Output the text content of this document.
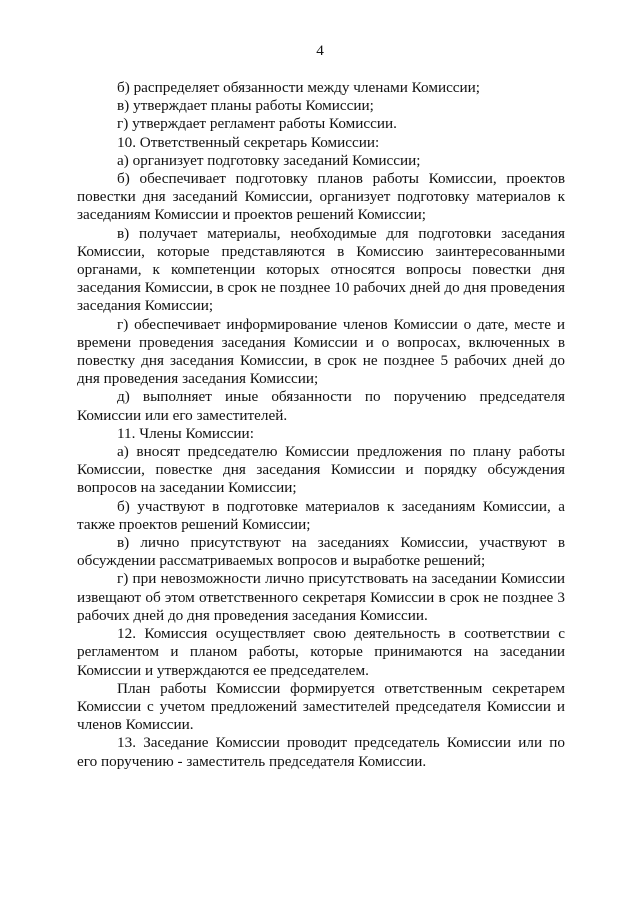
4

б) распределяет обязанности между членами Комиссии;

в) утверждает планы работы Комиссии;

г) утверждает регламент работы Комиссии.

10. Ответственный секретарь Комиссии:

а) организует подготовку заседаний Комиссии;

б) обеспечивает подготовку планов работы Комиссии, проектов повестки дня заседаний Комиссии, организует подготовку материалов к заседаниям Комиссии и проектов решений Комиссии;

в) получает материалы, необходимые для подготовки заседания Комиссии, которые представляются в Комиссию заинтересованными органами, к компетенции которых относятся вопросы повестки дня заседания Комиссии, в срок не позднее 10 рабочих дней до дня проведения заседания Комиссии;

г) обеспечивает информирование членов Комиссии о дате, месте и времени проведения заседания Комиссии и о вопросах, включенных в повестку дня заседания Комиссии, в срок не позднее 5 рабочих дней до дня проведения заседания Комиссии;

д) выполняет иные обязанности по поручению председателя Комиссии или его заместителей.

11. Члены Комиссии:

а) вносят председателю Комиссии предложения по плану работы Комиссии, повестке дня заседания Комиссии и порядку обсуждения вопросов на заседании Комиссии;

б) участвуют в подготовке материалов к заседаниям Комиссии, а также проектов решений Комиссии;

в) лично присутствуют на заседаниях Комиссии, участвуют в обсуждении рассматриваемых вопросов и выработке решений;

г) при невозможности лично присутствовать на заседании Комиссии извещают об этом ответственного секретаря Комиссии в срок не позднее 3 рабочих дней до дня проведения заседания Комиссии.

12. Комиссия осуществляет свою деятельность в соответствии с регламентом и планом работы, которые принимаются на заседании Комиссии и утверждаются ее председателем.

План работы Комиссии формируется ответственным секретарем Комиссии с учетом предложений заместителей председателя Комиссии и членов Комиссии.

13. Заседание Комиссии проводит председатель Комиссии или по его поручению - заместитель председателя Комиссии.
